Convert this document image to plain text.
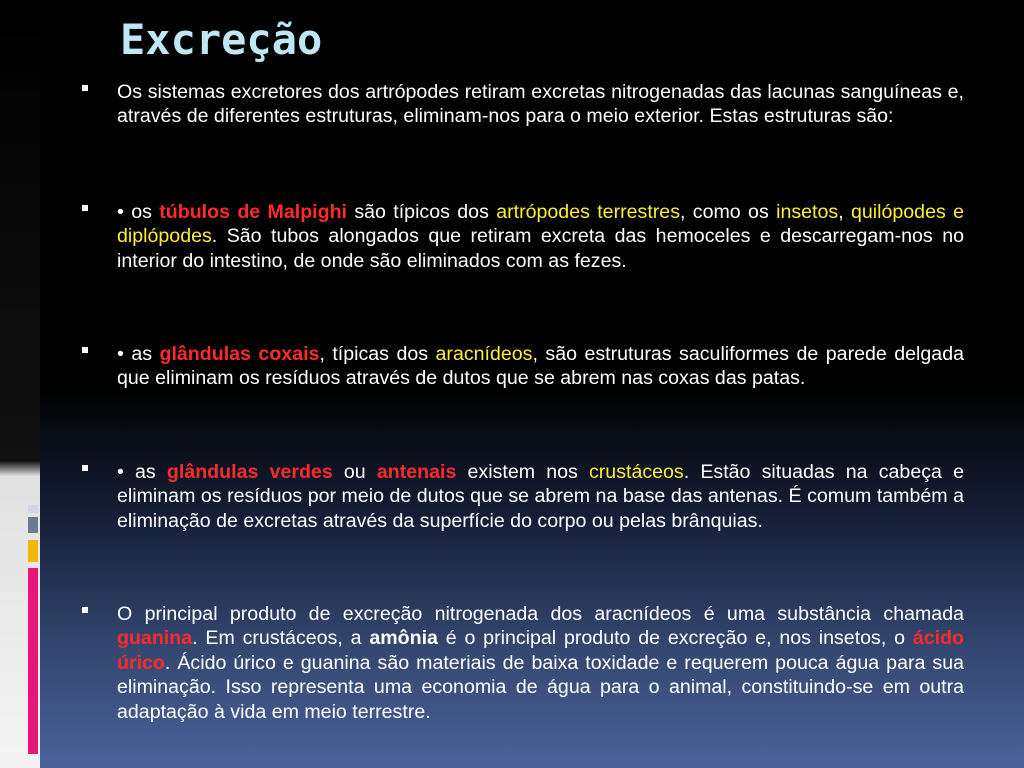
Excreção

Os sistemas excretores dos artrópodes retiram excretas nitrogenadas das lacunas sanguíneas e, através de diferentes estruturas, eliminam-nos para o meio exterior. Estas estruturas são:

• os túbulos de Malpighi são típicos dos artrópodes terrestres, como os insetos, quilópodes e diplópodes. São tubos alongados que retiram excreta das hemoceles e descarregam-nos no interior do intestino, de onde são eliminados com as fezes.

• as glândulas coxais, típicas dos aracnídeos, são estruturas saculiformes de parede delgada que eliminam os resíduos através de dutos que se abrem nas coxas das patas.

• as glândulas verdes ou antenais existem nos crustáceos. Estão situadas na cabeça e eliminam os resíduos por meio de dutos que se abrem na base das antenas. É comum também a eliminação de excretas através da superfície do corpo ou pelas brânquias.

O principal produto de excreção nitrogenada dos aracnídeos é uma substância chamada guanina. Em crustáceos, a amônia é o principal produto de excreção e, nos insetos, o ácido úrico. Ácido úrico e guanina são materiais de baixa toxidade e requerem pouca água para sua eliminação. Isso representa uma economia de água para o animal, constituindo-se em outra adaptação à vida em meio terrestre.
